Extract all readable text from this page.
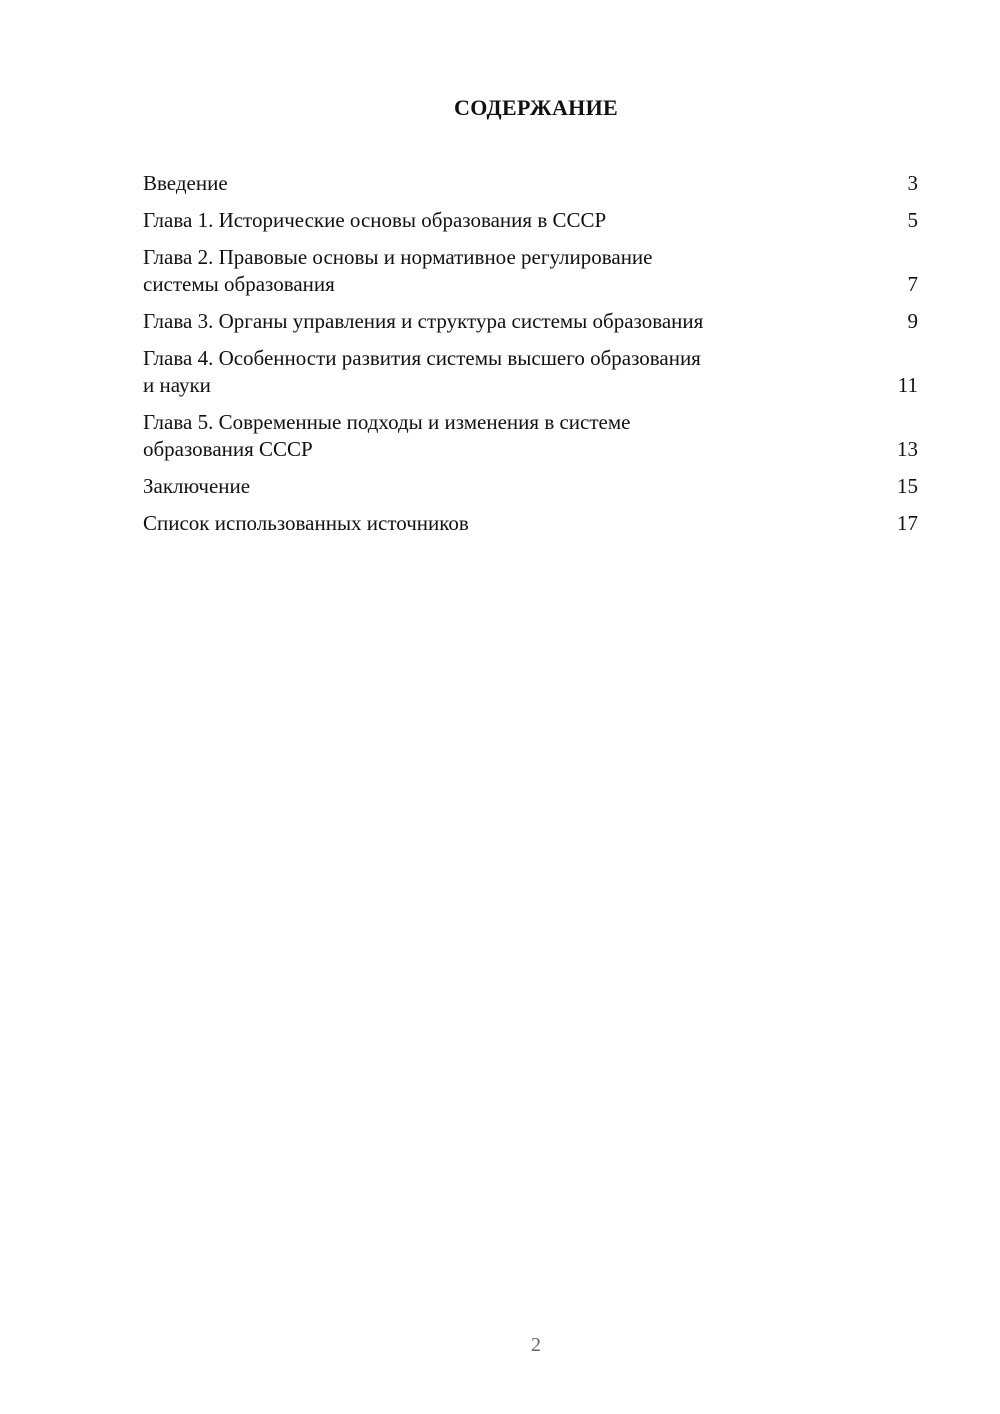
СОДЕРЖАНИЕ
Введение	3
Глава 1. Исторические основы образования в СССР	5
Глава 2. Правовые основы и нормативное регулирование
системы образования	7
Глава 3. Органы управления и структура системы образования	9
Глава 4. Особенности развития системы высшего образования
и науки	11
Глава 5. Современные подходы и изменения в системе
образования СССР	13
Заключение	15
Список использованных источников	17
2
